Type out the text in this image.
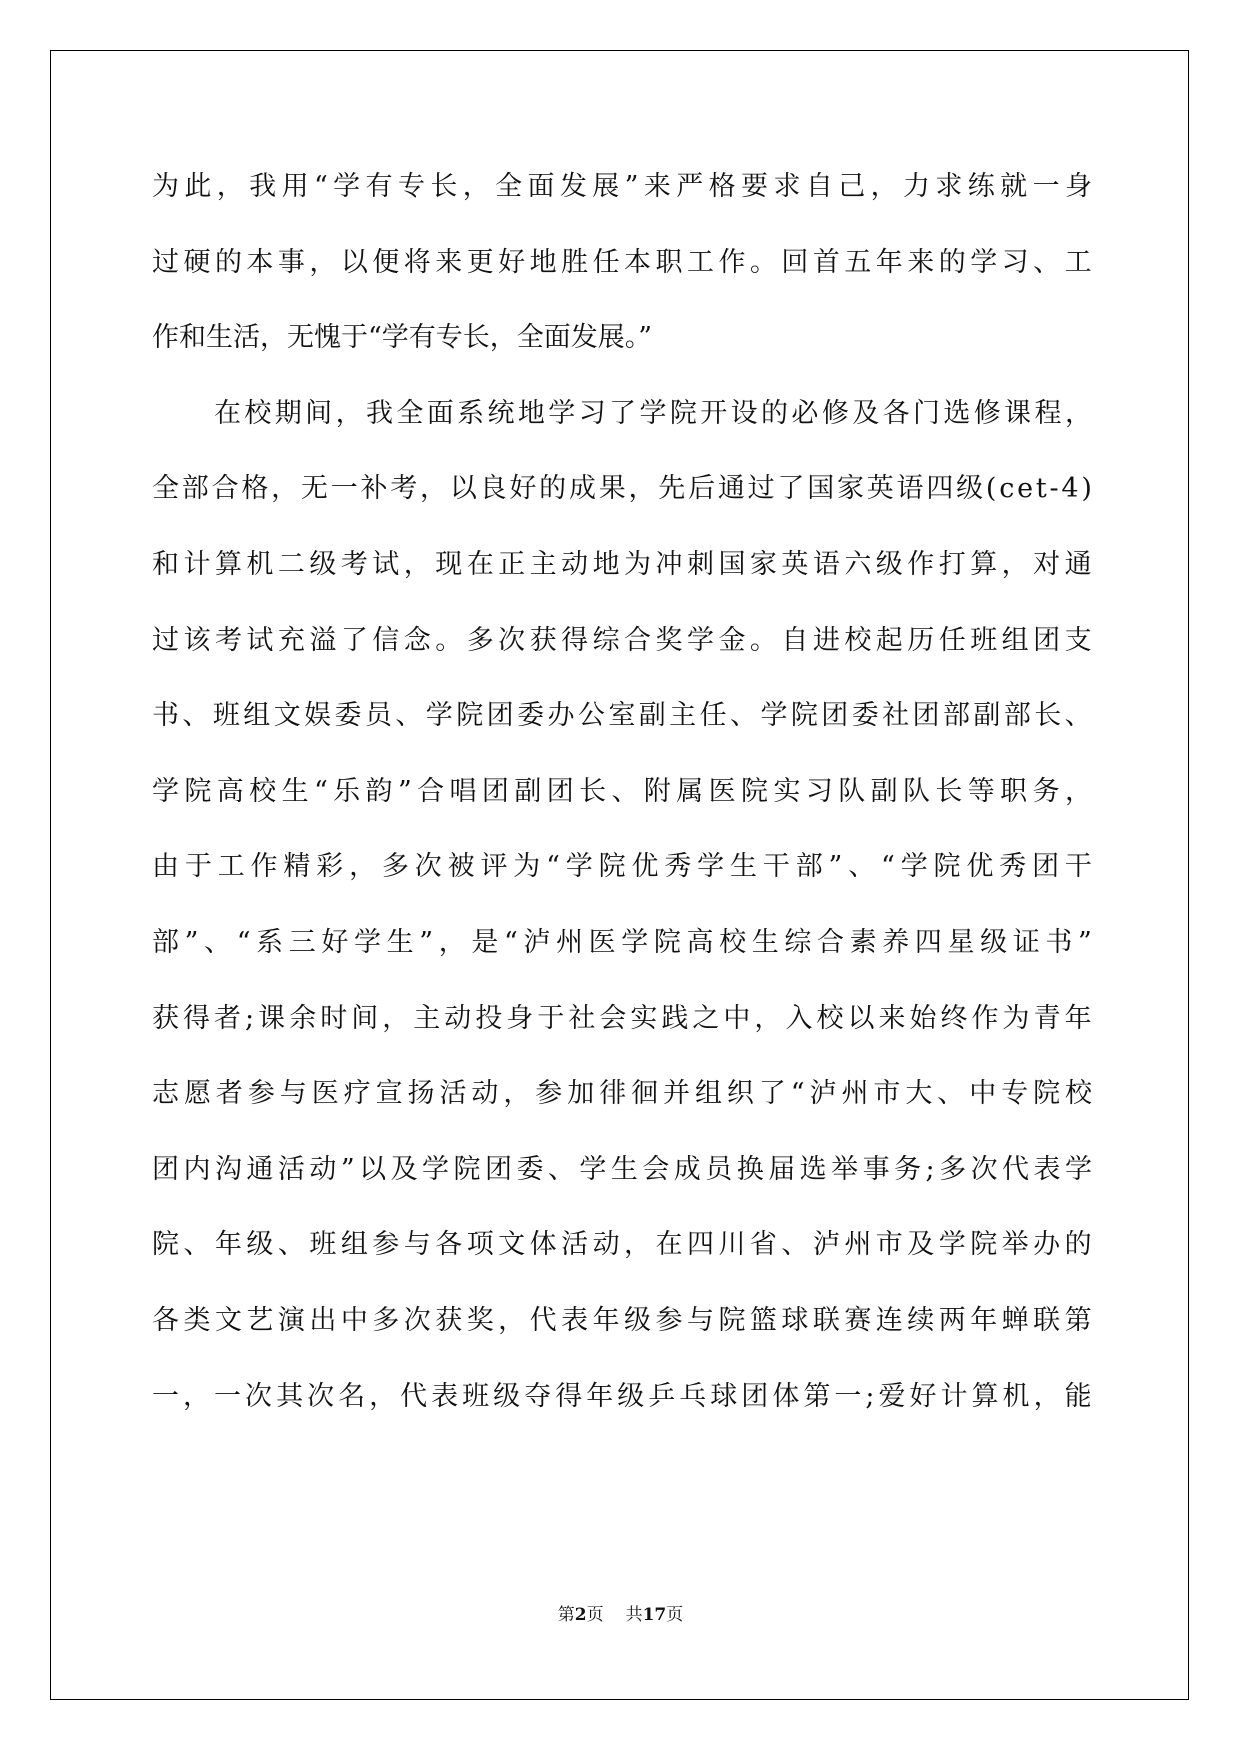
为 此 ， 我 用 “ 学 有 专 长 ， 全 面 发 展 ” 来 严 格 要 求 自 己 ， 力 求 练 就 一 身
过 硬 的 本 事 ， 以 便 将 来 更 好 地 胜 任 本 职 工 作 。 回 首 五 年 来 的 学 习 、 工
作和生活，无愧于“学有专长，全面发展。”
在 校 期 间 ， 我 全 面 系 统 地 学 习 了 学 院 开 设 的 必 修 及 各 门 选 修 课 程 ，
全 部 合 格 ， 无 一 补 考 ， 以 良 好 的 成 果 ， 先 后 通 过 了 国 家 英 语 四 级 ( c e t - 4 )
和 计 算 机 二 级 考 试 ， 现 在 正 主 动 地 为 冲 刺 国 家 英 语 六 级 作 打 算 ， 对 通
过 该 考 试 充 溢 了 信 念 。 多 次 获 得 综 合 奖 学 金 。 自 进 校 起 历 任 班 组 团 支
书 、 班 组 文 娱 委 员 、 学 院 团 委 办 公 室 副 主 任 、 学 院 团 委 社 团 部 副 部 长 、
学 院 高 校 生 “ 乐 韵 ” 合 唱 团 副 团 长 、 附 属 医 院 实 习 队 副 队 长 等 职 务 ，
由 于 工 作 精 彩 ， 多 次 被 评 为 “ 学 院 优 秀 学 生 干 部 ” 、 “ 学 院 优 秀 团 干
部 ” 、 “ 系 三 好 学 生 ” ， 是 “ 泸 州 医 学 院 高 校 生 综 合 素 养 四 星 级 证 书 ”
获 得 者 ; 课 余 时 间 ， 主 动 投 身 于 社 会 实 践 之 中 ， 入 校 以 来 始 终 作 为 青 年
志 愿 者 参 与 医 疗 宣 扬 活 动 ， 参 加 徘 徊 并 组 织 了 “ 泸 州 市 大 、 中 专 院 校
团 内 沟 通 活 动 ” 以 及 学 院 团 委 、 学 生 会 成 员 换 届 选 举 事 务 ; 多 次 代 表 学
院 、 年 级 、 班 组 参 与 各 项 文 体 活 动 ， 在 四 川 省 、 泸 州 市 及 学 院 举 办 的
各 类 文 艺 演 出 中 多 次 获 奖 ， 代 表 年 级 参 与 院 篮 球 联 赛 连 续 两 年 蝉 联 第
一 ， 一 次 其 次 名 ， 代 表 班 级 夺 得 年 级 乒 乓 球 团 体 第 一 ; 爱 好 计 算 机 ， 能
第2页 共17页
